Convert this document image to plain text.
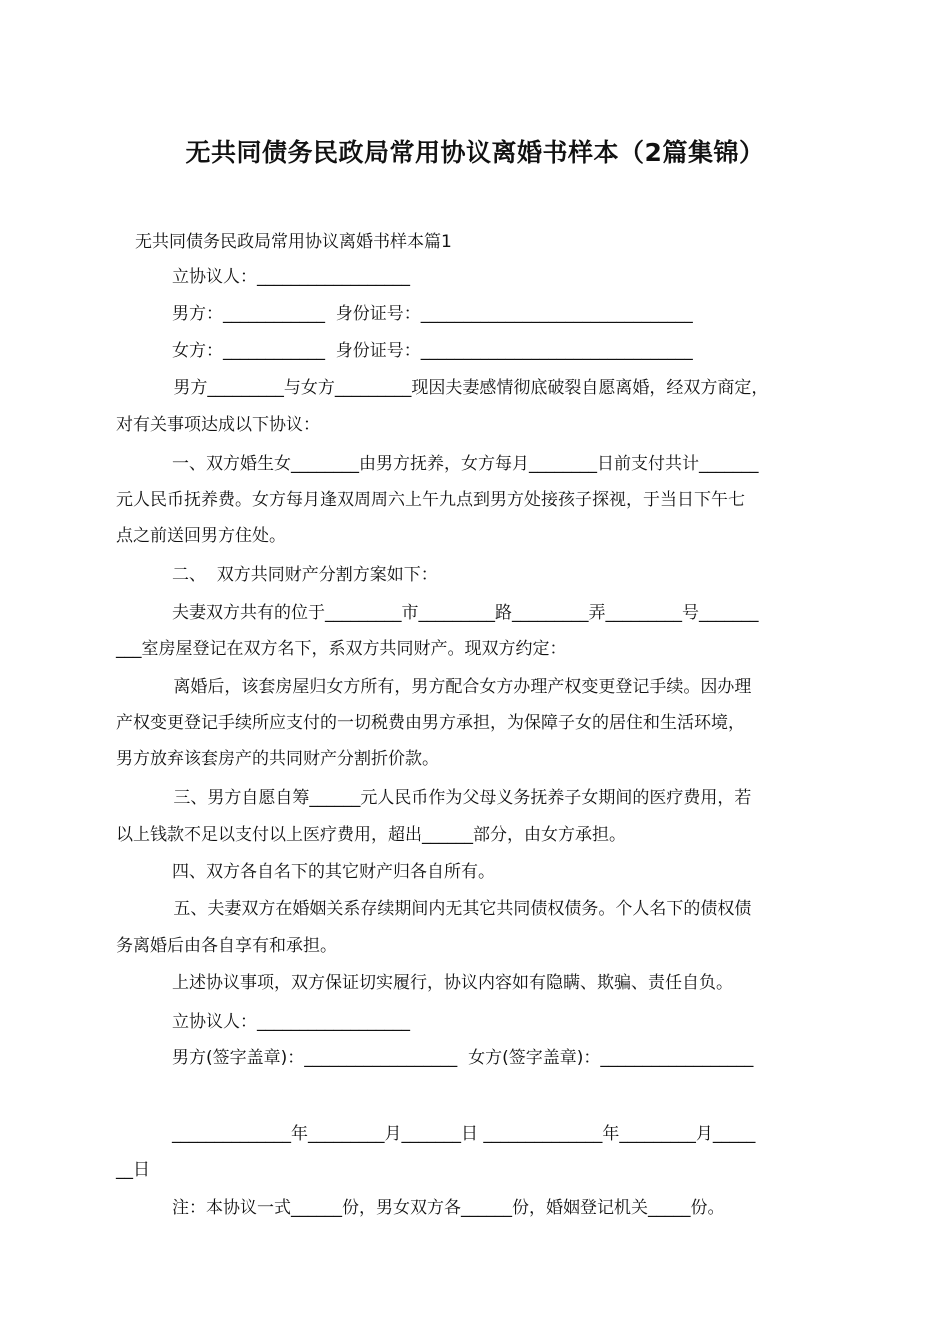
无共同债务民政局常用协议离婚书样本（2篇集锦）
无共同债务民政局常用协议离婚书样本篇1
立协议人：__________________
男方：____________  身份证号：________________________________
女方：____________  身份证号：________________________________
男方_________与女方_________现因夫妻感情彻底破裂自愿离婚，经双方商定，
对有关事项达成以下协议：
一、双方婚生女________由男方抚养，女方每月________日前支付共计_______
元人民币抚养费。女方每月逢双周周六上午九点到男方处接孩子探视，于当日下午七
点之前送回男方住处。
二、  双方共同财产分割方案如下：
夫妻双方共有的位于_________市_________路_________弄_________号_______
___室房屋登记在双方名下，系双方共同财产。现双方约定：
离婚后，该套房屋归女方所有，男方配合女方办理产权变更登记手续。因办理
产权变更登记手续所应支付的一切税费由男方承担，为保障子女的居住和生活环境，
男方放弃该套房产的共同财产分割折价款。
三、男方自愿自筹______元人民币作为父母义务抚养子女期间的医疗费用，若
以上钱款不足以支付以上医疗费用，超出______部分，由女方承担。
四、双方各自名下的其它财产归各自所有。
五、夫妻双方在婚姻关系存续期间内无其它共同债权债务。个人名下的债权债
务离婚后由各自享有和承担。
上述协议事项，双方保证切实履行，协议内容如有隐瞒、欺骗、责任自负。
立协议人：__________________
男方(签字盖章)：__________________  女方(签字盖章)：__________________
______________年_________月_______日 ______________年_________月_____
__日
注：本协议一式______份，男女双方各______份，婚姻登记机关_____份。
